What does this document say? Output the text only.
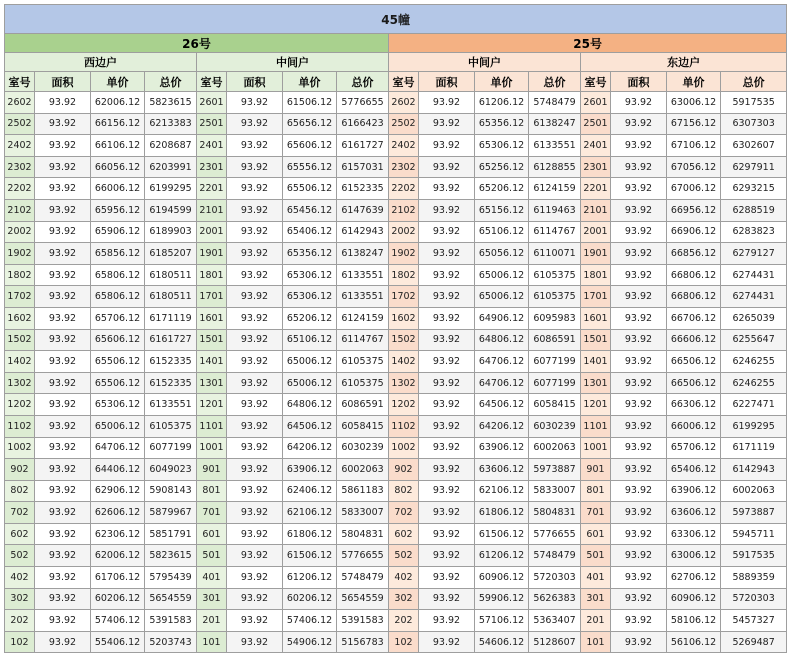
45幢															
26号								25号							
西边户				中间户				中间户				东边户			
室号	面积	单价	总价	室号	面积	单价	总价	室号	面积	单价	总价	室号	面积	单价	总价
2602	93.92	62006.12	5823615	2601	93.92	61506.12	5776655	2602	93.92	61206.12	5748479	2601	93.92	63006.12	5917535
2502	93.92	66156.12	6213383	2501	93.92	65656.12	6166423	2502	93.92	65356.12	6138247	2501	93.92	67156.12	6307303
2402	93.92	66106.12	6208687	2401	93.92	65606.12	6161727	2402	93.92	65306.12	6133551	2401	93.92	67106.12	6302607
2302	93.92	66056.12	6203991	2301	93.92	65556.12	6157031	2302	93.92	65256.12	6128855	2301	93.92	67056.12	6297911
2202	93.92	66006.12	6199295	2201	93.92	65506.12	6152335	2202	93.92	65206.12	6124159	2201	93.92	67006.12	6293215
2102	93.92	65956.12	6194599	2101	93.92	65456.12	6147639	2102	93.92	65156.12	6119463	2101	93.92	66956.12	6288519
2002	93.92	65906.12	6189903	2001	93.92	65406.12	6142943	2002	93.92	65106.12	6114767	2001	93.92	66906.12	6283823
1902	93.92	65856.12	6185207	1901	93.92	65356.12	6138247	1902	93.92	65056.12	6110071	1901	93.92	66856.12	6279127
1802	93.92	65806.12	6180511	1801	93.92	65306.12	6133551	1802	93.92	65006.12	6105375	1801	93.92	66806.12	6274431
1702	93.92	65806.12	6180511	1701	93.92	65306.12	6133551	1702	93.92	65006.12	6105375	1701	93.92	66806.12	6274431
1602	93.92	65706.12	6171119	1601	93.92	65206.12	6124159	1602	93.92	64906.12	6095983	1601	93.92	66706.12	6265039
1502	93.92	65606.12	6161727	1501	93.92	65106.12	6114767	1502	93.92	64806.12	6086591	1501	93.92	66606.12	6255647
1402	93.92	65506.12	6152335	1401	93.92	65006.12	6105375	1402	93.92	64706.12	6077199	1401	93.92	66506.12	6246255
1302	93.92	65506.12	6152335	1301	93.92	65006.12	6105375	1302	93.92	64706.12	6077199	1301	93.92	66506.12	6246255
1202	93.92	65306.12	6133551	1201	93.92	64806.12	6086591	1202	93.92	64506.12	6058415	1201	93.92	66306.12	6227471
1102	93.92	65006.12	6105375	1101	93.92	64506.12	6058415	1102	93.92	64206.12	6030239	1101	93.92	66006.12	6199295
1002	93.92	64706.12	6077199	1001	93.92	64206.12	6030239	1002	93.92	63906.12	6002063	1001	93.92	65706.12	6171119
902	93.92	64406.12	6049023	901	93.92	63906.12	6002063	902	93.92	63606.12	5973887	901	93.92	65406.12	6142943
802	93.92	62906.12	5908143	801	93.92	62406.12	5861183	802	93.92	62106.12	5833007	801	93.92	63906.12	6002063
702	93.92	62606.12	5879967	701	93.92	62106.12	5833007	702	93.92	61806.12	5804831	701	93.92	63606.12	5973887
602	93.92	62306.12	5851791	601	93.92	61806.12	5804831	602	93.92	61506.12	5776655	601	93.92	63306.12	5945711
502	93.92	62006.12	5823615	501	93.92	61506.12	5776655	502	93.92	61206.12	5748479	501	93.92	63006.12	5917535
402	93.92	61706.12	5795439	401	93.92	61206.12	5748479	402	93.92	60906.12	5720303	401	93.92	62706.12	5889359
302	93.92	60206.12	5654559	301	93.92	60206.12	5654559	302	93.92	59906.12	5626383	301	93.92	60906.12	5720303
202	93.92	57406.12	5391583	201	93.92	57406.12	5391583	202	93.92	57106.12	5363407	201	93.92	58106.12	5457327
102	93.92	55406.12	5203743	101	93.92	54906.12	5156783	102	93.92	54606.12	5128607	101	93.92	56106.12	5269487
